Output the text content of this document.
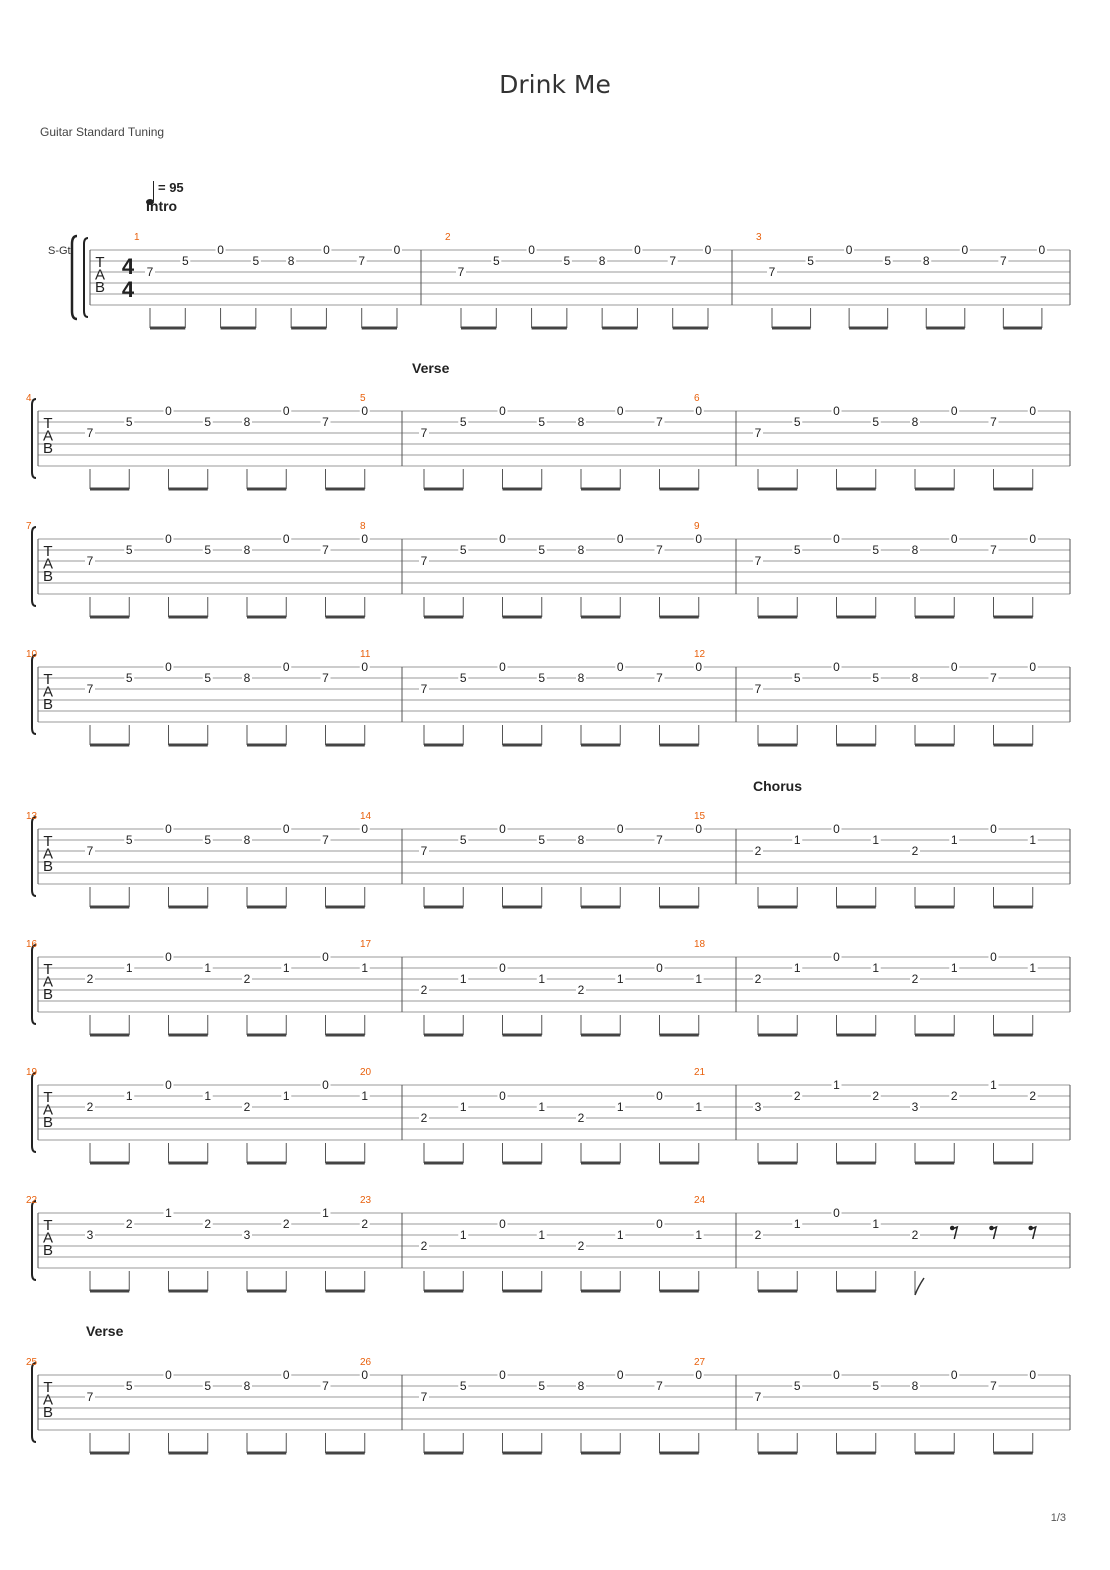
Drink Me
Guitar Standard Tuning
= 95
S-Gt
4
4
T
A
B
1
7
5
0
5 8
0
7
0
2
7
5
0
5 8
0
7
0
3
7
5
0
5	8
0
7
0
T
A
B
4
7
5
0
5	8
0
7
0
5
7
5
0
5	8
0
7
0
6
7
5
0
5	8
0
7
0
T
A
B
7
7
5
0
5	8
0
7
0
8
7
5
0
5	8
0
7
0
9
7
5
0
5	8
0
7
0
T
A
B
10
7
5
0
5	8
0
7
0
11
7
5
0
5	8
0
7
0
12
7
5
0
5	8
0
7
0
T
A
B
13
7
5
0
5	8
0
7
0
14
7
5
0
5	8
0
7
0
15
2
1
0
1
2
1
0
1
T
A
B
16
2
1
0
1
2
1
0
1
17
2
1
0
1
2
1
0
1
18
2
1
0
1
2
1
0
1
T
A
B
19
2
1
0
1
2
1
0
1
20
2
1
0
1
2
1
0
1
21
3
2
1
2
3
2
1
2
T
A
B
22
3
2
1
2
3
2
1
2
23
2
1
0
1
2
1
0
1
24
2
1
0
1
2
T
A
B
25
7
5
0
5	8
0
7
0
26
7
5
0
5	8
0
7
0
27
7
5
0
5	8
0
7
0
Intro
Verse
Chorus
Verse
1/3
